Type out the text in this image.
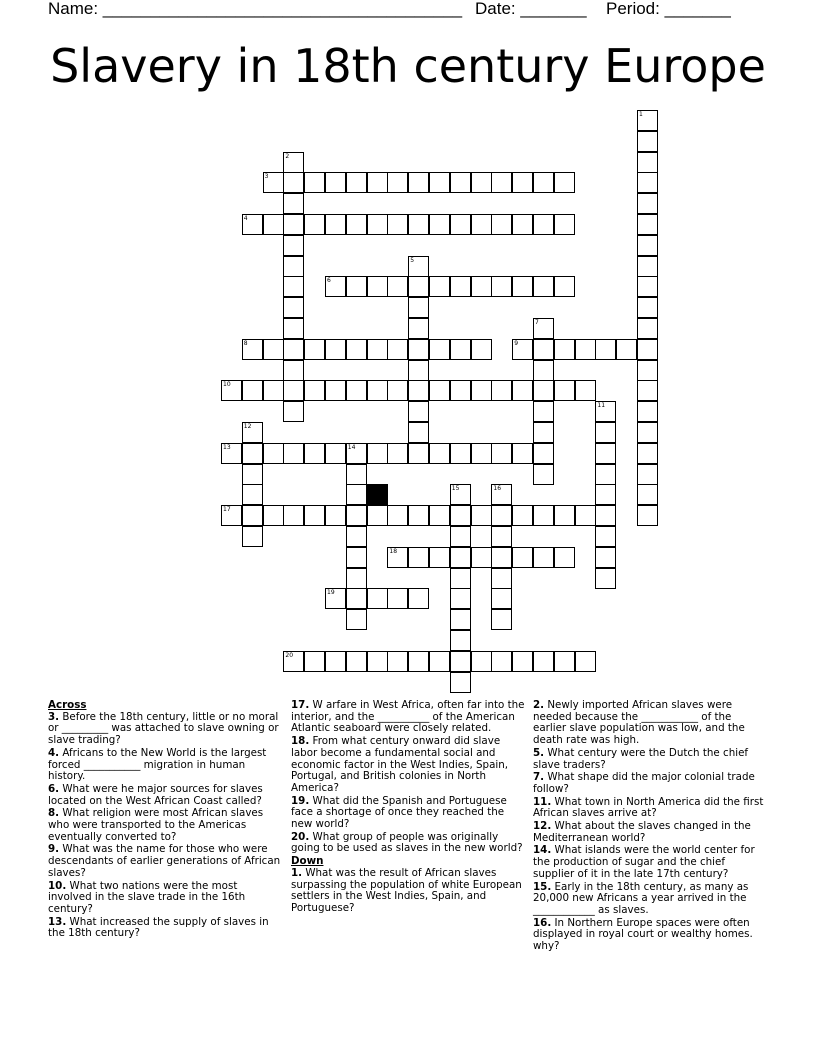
Name: ______________________________________ Date: _______ Period: _______
Slavery in 18th century Europe
1
2
3
4
5
6
7
8	9
10
11
12
13	14
15	16
17
18
19
20
Across
3. Before the 18th century, little or no moral or _________ was attached to slave owning or slave trading?
4. Africans to the New World is the largest forced ___________ migration in human history.
6. What were he major sources for slaves located on the West African Coast called?
8. What religion were most African slaves who were transported to the Americas eventually converted to?
9. What was the name for those who were descendants of earlier generations of African slaves?
10. What two nations were the most involved in the slave trade in the 16th century?
13. What increased the supply of slaves in the 18th century?
17. W arfare in West Africa, often far into the interior, and the __________ of the American Atlantic seaboard were closely related.
18. From what century onward did slave labor become a fundamental social and economic factor in the West Indies, Spain, Portugal, and British colonies in North America?
19. What did the Spanish and Portuguese face a shortage of once they reached the new world?
20. What group of people was originally going to be used as slaves in the new world?
Down
1. What was the result of African slaves surpassing the population of white European settlers in the West Indies, Spain, and Portuguese?
2. Newly imported African slaves were needed because the ___________ of the earlier slave population was low, and the death rate was high.
5. What century were the Dutch the chief slave traders?
7. What shape did the major colonial trade follow?
11. What town in North America did the first African slaves arrive at?
12. What about the slaves changed in the Mediterranean world?
14. What islands were the world center for the production of sugar and the chief supplier of it in the late 17th century?
15. Early in the 18th century, as many as 20,000 new Africans a year arrived in the ____________ as slaves.
16. In Northern Europe spaces were often displayed in royal court or wealthy homes. why?
